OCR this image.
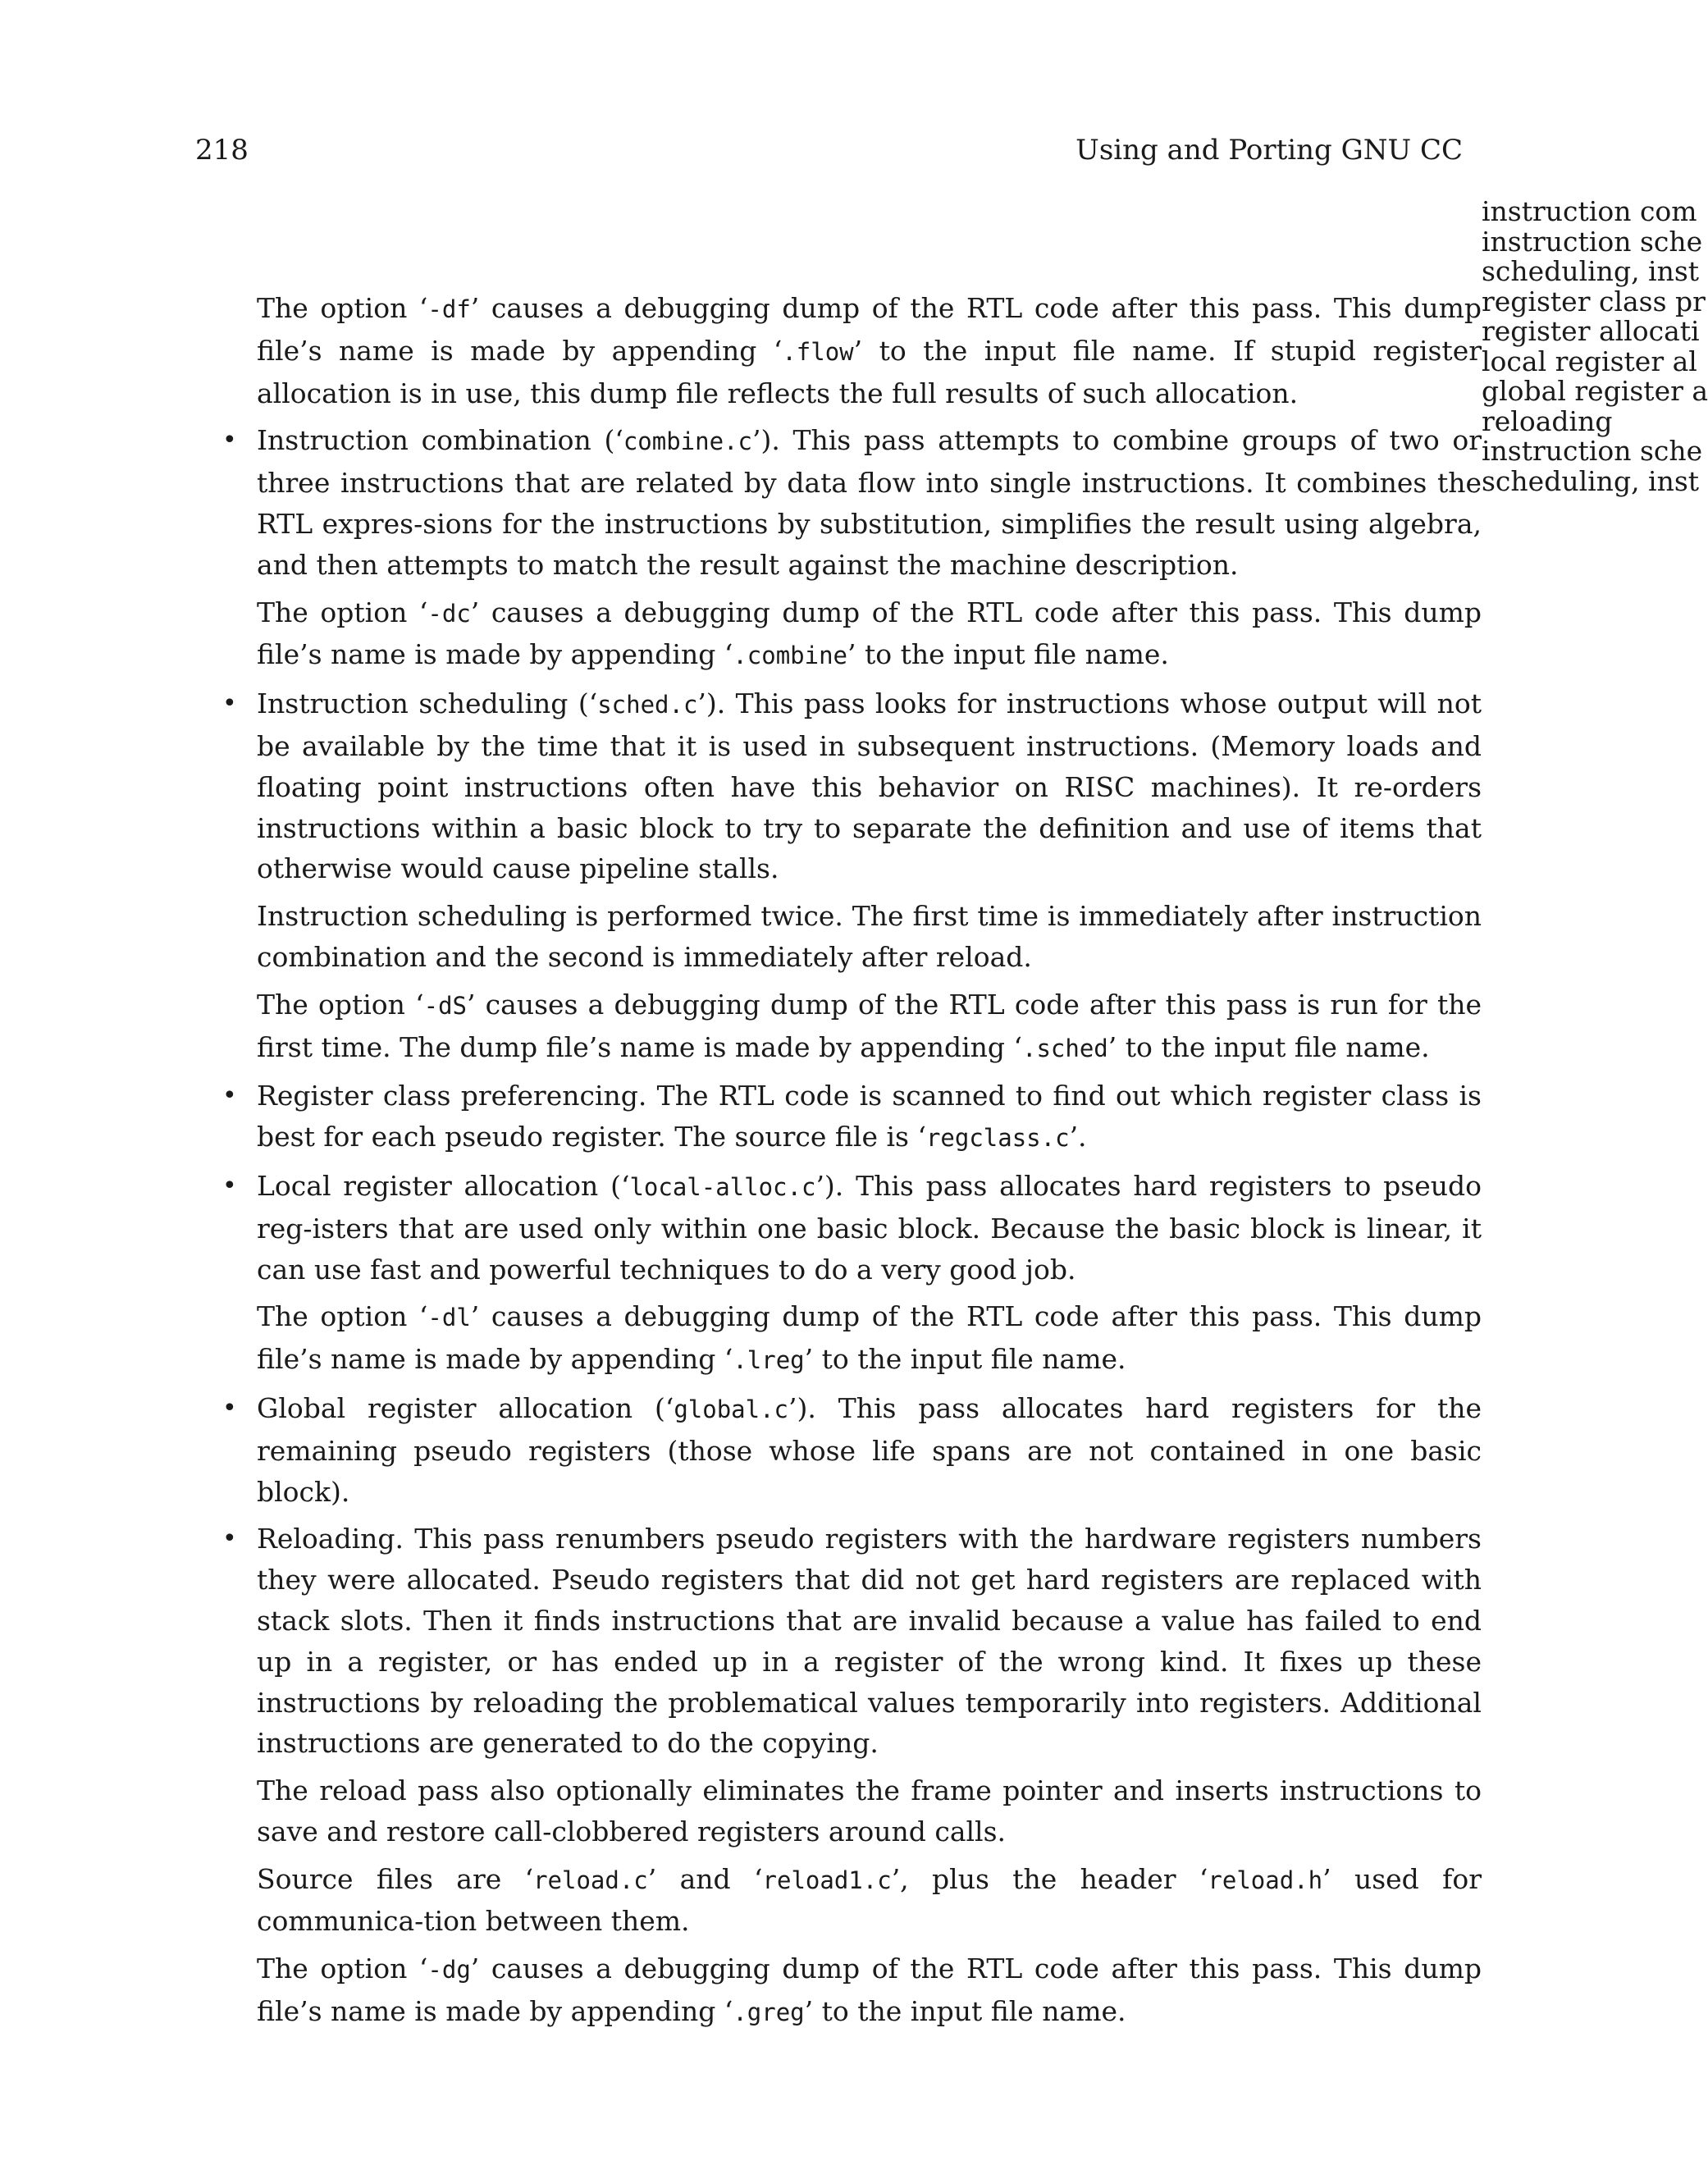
218	Using and Porting GNU CC
instruction com
instruction sche
scheduling, inst
register class pr
register allocati
local register al
global register a
reloading
instruction sche
scheduling, inst

The option ‘-df’ causes a debugging dump of the RTL code after this pass. This dump file’s name is made by appending ‘.flow’ to the input file name. If stupid register allocation is in use, this dump file reflects the full results of such allocation.

• Instruction combination (‘combine.c’). This pass attempts to combine groups of two or three instructions that are related by data flow into single instructions. It combines the RTL expres-sions for the instructions by substitution, simplifies the result using algebra, and then attempts to match the result against the machine description.

The option ‘-dc’ causes a debugging dump of the RTL code after this pass. This dump file’s name is made by appending ‘.combine’ to the input file name.

• Instruction scheduling (‘sched.c’). This pass looks for instructions whose output will not be available by the time that it is used in subsequent instructions. (Memory loads and floating point instructions often have this behavior on RISC machines). It re-orders instructions within a basic block to try to separate the definition and use of items that otherwise would cause pipeline stalls.

Instruction scheduling is performed twice. The first time is immediately after instruction combination and the second is immediately after reload.

The option ‘-dS’ causes a debugging dump of the RTL code after this pass is run for the first time. The dump file’s name is made by appending ‘.sched’ to the input file name.

• Register class preferencing. The RTL code is scanned to find out which register class is best for each pseudo register. The source file is ‘regclass.c’.
• Local register allocation (‘local-alloc.c’). This pass allocates hard registers to pseudo reg-isters that are used only within one basic block. Because the basic block is linear, it can use fast and powerful techniques to do a very good job.

The option ‘-dl’ causes a debugging dump of the RTL code after this pass. This dump file’s name is made by appending ‘.lreg’ to the input file name.

• Global register allocation (‘global.c’). This pass allocates hard registers for the remaining pseudo registers (those whose life spans are not contained in one basic block).
• Reloading. This pass renumbers pseudo registers with the hardware registers numbers they were allocated. Pseudo registers that did not get hard registers are replaced with stack slots. Then it finds instructions that are invalid because a value has failed to end up in a register, or has ended up in a register of the wrong kind. It fixes up these instructions by reloading the problematical values temporarily into registers. Additional instructions are generated to do the copying.

The reload pass also optionally eliminates the frame pointer and inserts instructions to save and restore call-clobbered registers around calls.

Source files are ‘reload.c’ and ‘reload1.c’, plus the header ‘reload.h’ used for communica-tion between them.

The option ‘-dg’ causes a debugging dump of the RTL code after this pass. This dump file’s name is made by appending ‘.greg’ to the input file name.
